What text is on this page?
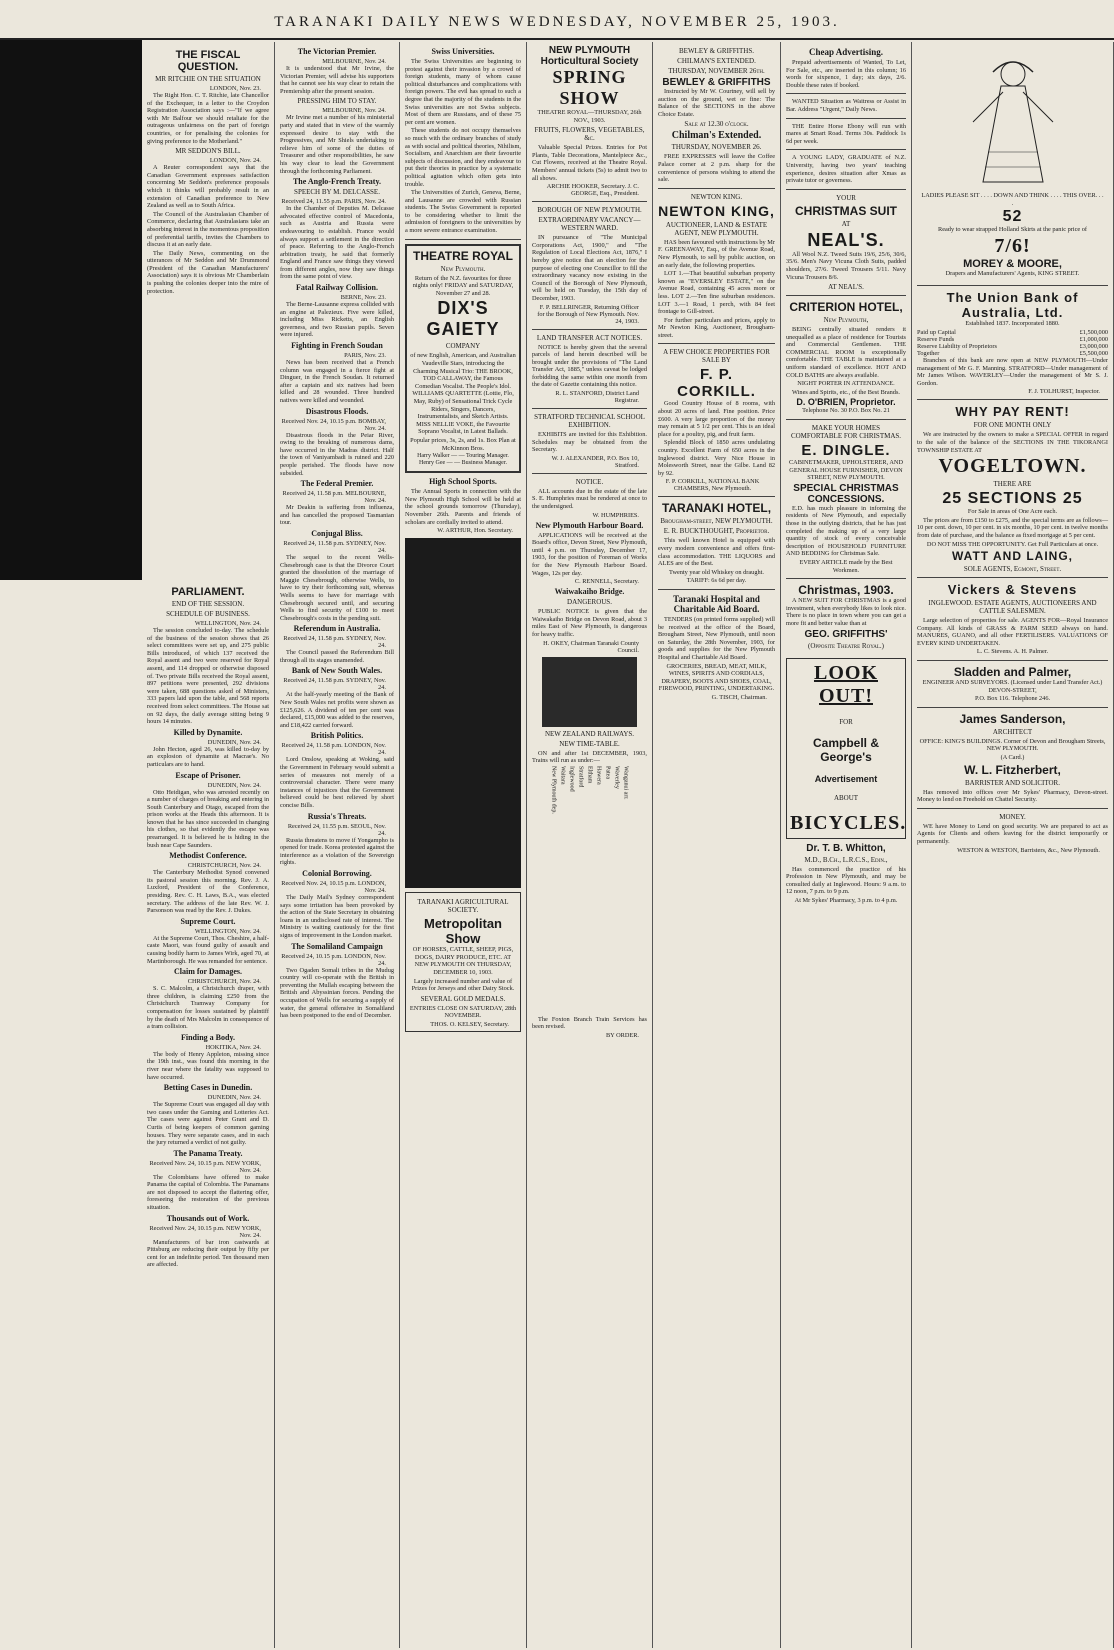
TARANAKI DAILY NEWS WEDNESDAY, NOVEMBER 25, 1903.
THE FISCAL QUESTION.
MR RITCHIE ON THE SITUATION
LONDON, Nov. 23.

The Right Hon. C. T. Ritchie, late Chancellor of the Exchequer, in a letter to the Croydon Registration Association says :—"If we agree with Mr Balfour we should retaliate for the outrageous unfairness on the part of foreign countries, or for penalising the colonies for giving preference to the Motherland."

MR SEDDON'S BILL.
LONDON, Nov. 24.

A Reuter correspondent says that the Canadian Government expresses satisfaction concerning Mr Seddon's preference proposals which it thinks will probably result in an extension of Canadian preference to New Zealand as well as to South Africa.

The Council of the Australasian Chamber of Commerce, declaring that Australasians take an absorbing interest in the momentous proposition of preferential tariffs, invites the Chambers to discuss it at an early date.

The Daily News, commenting on the utterances of Mr Seddon and Mr Drummond (President of the Canadian Manufacturers' Association) says it is obvious Mr Chamberlain is pushing the colonies deeper into the mire of protection.

PARLIAMENT.
END OF THE SESSION.
SCHEDULE OF BUSINESS.
WELLINGTON, Nov. 24.

The session concluded to-day. The schedule of the business of the session shows that 26 select committees were set up, and 275 public Bills introduced, of which 137 received the Royal assent and two were reserved for Royal assent, and 114 dropped or otherwise disposed of. Two private Bills received the Royal assent, 897 petitions were presented, 292 divisions were taken, 688 questions asked of Ministers, 333 papers laid upon the table, and 568 reports received from select committees. The House sat on 92 days, the daily average sitting being 9 hours 14 minutes.

Killed by Dynamite.
DUNEDIN, Nov. 24.

John Hecton, aged 26, was killed to-day by an explosion of dynamite at Macrae's. No particulars are to hand.

Escape of Prisoner.
DUNEDIN, Nov. 24.

Otto Heidigan, who was arrested recently on a number of charges of breaking and entering in South Canterbury and Otago, escaped from the prison works at the Heads this afternoon. It is known that he has since succeeded in changing his clothes, so that evidently the escape was prearranged. It is believed he is hiding in the bush near Cape Saunders.

Methodist Conference.
CHRISTCHURCH, Nov. 24.

The Canterbury Methodist Synod convened its pastoral session this morning. Rev. J. A. Luxford, President of the Conference, presiding. Rev. C. H. Laws, B.A., was elected secretary. The address of the late Rev. W. J. Parsonson was read by the Rev. J. Dukes.

Supreme Court.
WELLINGTON, Nov. 24.

At the Supreme Court, Thos. Cheshire, a half-caste Maori, was found guilty of assault and causing bodily harm to James Wirk, aged 70, at Martinborough. He was remanded for sentence.

Claim for Damages.
CHRISTCHURCH, Nov. 24.

S. C. Malcolm, a Christchurch draper, with three children, is claiming £250 from the Christchurch Tramway Company for compensation for losses sustained by plaintiff by the death of Mrs Malcolm in consequence of a tram collision.

Finding a Body.
HOKITIKA, Nov. 24.

The body of Henry Appleton, missing since the 19th inst., was found this morning in the river near where the fatality was supposed to have occurred.

Betting Cases in Dunedin.
DUNEDIN, Nov. 24.

The Supreme Court was engaged all day with two cases under the Gaming and Lotteries Act. The cases were against Peter Grant and D. Curtis of being keepers of common gaming houses. They were separate cases, and in each the jury returned a verdict of not guilty.

The Panama Treaty.
Received Nov. 24, 10.15 p.m. NEW YORK, Nov. 24.

The Colombians have offered to make Panama the capital of Colombia. The Panamans are not disposed to accept the flattering offer, foreseeing the restoration of the previous situation.

Thousands out of Work.
Received Nov. 24, 10.15 p.m. NEW YORK, Nov. 24.

Manufacturers of bar iron castwards at Pittsburg are reducing their output by fifty per cent for an indefinite period. Ten thousand men are affected.

The Victorian Premier.
MELBOURNE, Nov. 24.

It is understood that Mr Irvine, the Victorian Premier, will advise his supporters that he cannot see his way clear to retain the Premiership after the present session.

PRESSING HIM TO STAY.
MELBOURNE, Nov. 24.

Mr Irvine met a number of his ministerial party and stated that in view of the warmly expressed desire to stay with the Progressives, and Mr Shiels undertaking to relieve him of some of the duties of Treasurer and other responsibilities, he saw his way clear to lead the Government through the forthcoming Parliament.

The Anglo-French Treaty.
SPEECH BY M. DELCASSE.
Received 24, 11.55 p.m. PARIS, Nov. 24.

In the Chamber of Deputies M. Delcasse advocated effective control of Macedonia, such as Austria and Russia were endeavouring to establish. France would always support a settlement in the direction of peace. Referring to the Anglo-French arbitration treaty, he said that formerly England and France saw things they viewed from different angles, now they saw things from the same point of view.

Fatal Railway Collision.
BERNE, Nov. 23.

The Berne-Lausanne express collided with an engine at Palezieux. Five were killed, including Miss Ricketts, an English governess, and two Russian pupils. Seven were injured.

Fighting in French Soudan
PARIS, Nov. 23.

News has been received that a French column was engaged in a fierce fight at Dinguer, in the French Soudan. It returned after a captain and six natives had been killed and 28 wounded. Three hundred natives were killed and wounded.

Disastrous Floods.
Received Nov. 24, 10.15 p.m. BOMBAY, Nov. 24.

Disastrous floods in the Peiar River, owing to the breaking of numerous dams, have occurred in the Madras district. Half the town of Vaniyambadi is ruined and 220 people perished. The floods have now subsided.

The Federal Premier.
Received 24, 11.58 p.m. MELBOURNE, Nov. 24.

Mr Deakin is suffering from influenza, and has cancelled the proposed Tasmanian tour.

Conjugal Bliss.
Received 24, 11.58 p.m. SYDNEY, Nov. 24.

The sequel to the recent Wells-Chesebrough case is that the Divorce Court granted the dissolution of the marriage of Maggie Chesebrough, otherwise Wells, to have to try their forthcoming suit, whereas Wells seems to have for marriage with Chesebrough secured until, and securing Wells to find security of £100 to meet Chesebrough's costs in the pending suit.

Referendum in Australia.
Received 24, 11.58 p.m. SYDNEY, Nov. 24.

The Council passed the Referendum Bill through all its stages unamended.

Bank of New South Wales.
Received 24, 11.58 p.m. SYDNEY, Nov. 24.

At the half-yearly meeting of the Bank of New South Wales net profits were shown as £125,626. A dividend of ten per cent was declared, £15,000 was added to the reserves, and £18,422 carried forward.

British Politics.
Received 24, 11.58 p.m. LONDON, Nov. 24.

Lord Onslow, speaking at Woking, said the Government in February would submit a series of measures not merely of a controversial character. There were many instances of injustices that the Government believed could be best relieved by short concise Bills.

Russia's Threats.
Received 24, 11.55 p.m. SEOUL, Nov. 24.

Russia threatens to move if Yongampho is opened for trade. Korea protested against the interference as a violation of the Sovereign rights.

Colonial Borrowing.
Received Nov. 24, 10.15 p.m. LONDON, Nov. 24.

The Daily Mail's Sydney correspondent says some irritation has been provoked by the action of the State Secretary in obtaining loans in an undisclosed rate of interest. The Ministry is waiting cautiously for the first signs of improvement in the London market.

The Somaliland Campaign
Received 24, 10.15 p.m. LONDON, Nov. 24.

Two Ogaden Somali tribes in the Mudug country will co-operate with the British in preventing the Mullah escaping between the British and Abyssinian forces. Pending the occupation of Wells for securing a supply of water, the general offensive in Somaliland has been postponed to the end of December.

Swiss Universities.

The Swiss Universities are beginning to protest against their invasion by a crowd of foreign students, many of whom cause political disturbances and complications with foreign powers. The evil has spread to such a degree that the majority of the students in the Swiss universities are not Swiss subjects. Most of them are Russians, and of these 75 per cent are women.

These students do not occupy themselves so much with the ordinary branches of study as with social and political theories, Nihilism, Socialism, and Anarchism are their favourite subjects of discussion, and they endeavour to put their theories in practice by a systematic political agitation which often gets into trouble.

The Universities of Zurich, Geneva, Berne, and Lausanne are crowded with Russian students. The Swiss Government is reported to be considering whether to limit the admission of foreigners to the universities by a more severe entrance examination.

THEATRE ROYAL
New Plymouth.

Return of the N.Z. favourites for three nights only! FRIDAY and SATURDAY, November 27 and 28.

DIX'S GAIETY
COMPANY

of new English, American, and Australian Vaudeville Stars, introducing the Charming Musical Trio: THE BROOK, TOD CALLAWAY, the Famous Comedian Vocalist. The People's Idol. WILLIAMS QUARTETTE (Lottie, Flo, May, Ruby) of Sensational Trick Cycle Riders, Singers, Dancers, Instrumentalists, and Sketch Artists. MISS NELLIE VOKE, the Favourite Soprano Vocalist, in Latest Ballads.

Popular prices, 3s, 2s, and 1s. Box Plan at McKinnon Bros.

Harry Walker — — Touring Manager. Henry Gee — — Business Manager.

High School Sports.

The Annual Sports in connection with the New Plymouth High School will be held at the school grounds tomorrow (Thursday), November 26th. Parents and friends of scholars are cordially invited to attend.

W. ARTHUR, Hon. Secretary.
TARANAKI AGRICULTURAL SOCIETY.
Metropolitan Show

OF HORSES, CATTLE, SHEEP, PIGS, DOGS, DAIRY PRODUCE, ETC. AT NEW PLYMOUTH ON THURSDAY, DECEMBER 10, 1903.

Largely increased number and value of Prizes for Jerseys and other Dairy Stock.

SEVERAL GOLD MEDALS.

ENTRIES CLOSE ON SATURDAY, 28th NOVEMBER.

THOS. O. KELSEY, Secretary.
NEW PLYMOUTH Horticultural Society
SPRING SHOW

THEATRE ROYAL—THURSDAY, 26th NOV., 1903.

FRUITS, FLOWERS, VEGETABLES, &c.

Valuable Special Prizes. Entries for Pot Plants, Table Decorations, Mantelpiece &c., Cut Flowers, received at the Theatre Royal. Members' annual tickets (5s) to admit two to all shows.

ARCHIE HOOKER, Secretary. J. C. GEORGE, Esq., President.
BOROUGH OF NEW PLYMOUTH.
EXTRAORDINARY VACANCY—WESTERN WARD.

IN pursuance of "The Municipal Corporations Act, 1900," and "The Regulation of Local Elections Act, 1876," I hereby give notice that an election for the purpose of electing one Councillor to fill the extraordinary vacancy now existing in the Council of the Borough of New Plymouth, will be held on Tuesday, the 15th day of December, 1903.

F. P. BELLRINGER, Returning Officer for the Borough of New Plymouth. Nov. 24, 1903.
LAND TRANSFER ACT NOTICES.

NOTICE is hereby given that the several parcels of land herein described will be brought under the provisions of "The Land Transfer Act, 1885," unless caveat be lodged forbidding the same within one month from the date of Gazette containing this notice.

R. L. STANFORD, District Land Registrar.
STRATFORD TECHNICAL SCHOOL EXHIBITION.

EXHIBITS are invited for this Exhibition. Schedules may be obtained from the Secretary.

W. J. ALEXANDER, P.O. Box 10, Stratford.
NOTICE.

ALL accounts due in the estate of the late S. E. Humphries must be rendered at once to the undersigned.

W. HUMPHRIES.
New Plymouth Harbour Board.

APPLICATIONS will be received at the Board's office, Devon Street, New Plymouth, until 4 p.m. on Thursday, December 17, 1903, for the position of Foreman of Works for the New Plymouth Harbour Board. Wages, 12s per day.

C. RENNELL, Secretary.
Waiwakaiho Bridge.
DANGEROUS.

PUBLIC NOTICE is given that the Waiwakaiho Bridge on Devon Road, about 3 miles East of New Plymouth, is dangerous for heavy traffic.

H. OKEY, Chairman Taranaki County Council.
NEW ZEALAND RAILWAYS.
NEW TIME-TABLE.

ON and after 1st DECEMBER, 1903, Trains will run as under:—

New Plymouth dep. Waitara Inglewood Stratford Eltham Hawera Patea Waverley Wanganui arr.

The Foxton Branch Train Services has been revised.

BY ORDER.
BEWLEY & GRIFFITHS.
CHILMAN'S EXTENDED.
THURSDAY, NOVEMBER 26th.
BEWLEY & GRIFFITHS

Instructed by Mr W. Courtney, will sell by auction on the ground, wet or fine: The Balance of the SECTIONS in the above Choice Estate.

Sale at 12.30 o'clock.
Chilman's Extended.
THURSDAY, NOVEMBER 26.

FREE EXPRESSES will leave the Coffee Palace corner at 2 p.m. sharp for the convenience of persons wishing to attend the sale.

NEWTON KING.
NEWTON KING,
AUCTIONEER, LAND & ESTATE AGENT, NEW PLYMOUTH.

HAS been favoured with instructions by Mr F. GREENAWAY, Esq., of the Avenue Road, New Plymouth, to sell by public auction, on an early date, the following properties.

LOT 1.—That beautiful suburban property known as "EVERSLEY ESTATE," on the Avenue Road, containing 45 acres more or less. LOT 2.—Ten fine suburban residences. LOT 3.—1 Road, 1 perch, with 84 feet frontage to Gill-street.

For further particulars and prices, apply to Mr Newton King, Auctioneer, Brougham-street.

A FEW CHOICE PROPERTIES FOR SALE BY
F. P. CORKILL.

Good Country House of 8 rooms, with about 20 acres of land. Fine position. Price £600. A very large proportion of the money may remain at 5 1/2 per cent. This is an ideal place for a poultry, pig, and fruit farm.

Splendid Block of 1850 acres undulating country. Excellent Farm of 650 acres in the Inglewood district. Very Nice House in Molesworth Street, near the Gilbe. Land 82 by 92.

F. P. CORKILL, NATIONAL BANK CHAMBERS, New Plymouth.
TARANAKI HOTEL,
Brougham-street, NEW PLYMOUTH.
E. R. BUCKTHOUGHT, Proprietor.

This well known Hotel is equipped with every modern convenience and offers first-class accommodation. THE LIQUORS and ALES are of the Best.

Twenty year old Whiskey on draught.

TARIFF: 6s 6d per day.

Taranaki Hospital and Charitable Aid Board.

TENDERS (on printed forms supplied) will be received at the office of the Board, Brougham Street, New Plymouth, until noon on Saturday, the 28th November, 1903, for goods and supplies for the New Plymouth Hospital and Charitable Aid Board.

GROCERIES, BREAD, MEAT, MILK, WINES, SPIRITS AND CORDIALS, DRAPERY, BOOTS AND SHOES, COAL, FIREWOOD, PRINTING, UNDERTAKING.

G. TISCH, Chairman.
Cheap Advertising.

Prepaid advertisements of Wanted, To Let, For Sale, etc., are inserted in this column; 16 words for sixpence, 1 day; six days, 2/6. Double these rates if booked.

WANTED Situation as Waitress or Assist in Bar. Address "Urgent," Daily News.

THE Entire Horse Ebony will run with mares at Smart Road. Terms 30s. Paddock 1s 6d per week.

A YOUNG LADY, GRADUATE of N.Z. University, having two years' teaching experience, desires situation after Xmas as private tutor or governess.

YOUR
CHRISTMAS SUIT
AT
NEAL'S.

All Wool N.Z. Tweed Suits 19/6, 25/6, 30/6, 35/6. Men's Navy Vicuna Cloth Suits, padded shoulders, 27/6. Tweed Trousers 5/11. Navy Vicuna Trousers 8/6.

AT NEAL'S.
CRITERION HOTEL,
New Plymouth,

BEING centrally situated renders it unequalled as a place of residence for Tourists and Commercial Gentlemen. THE COMMERCIAL ROOM is exceptionally comfortable. THE TABLE is maintained at a uniform standard of excellence. HOT AND COLD BATHS are always available.

NIGHT PORTER IN ATTENDANCE.

Wines and Spirits, etc., of the Best Brands.

D. O'BRIEN, Proprietor.

Telephone No. 30 P.O. Box No. 21

MAKE YOUR HOMES COMFORTABLE FOR CHRISTMAS.
E. DINGLE.

CABINETMAKER, UPHOLSTERER, AND GENERAL HOUSE FURNISHER, DEVON STREET, NEW PLYMOUTH.

SPECIAL CHRISTMAS CONCESSIONS.

E.D. has much pleasure in informing the residents of New Plymouth, and especially those in the outlying districts, that he has just completed the making up of a very large quantity of stock of every conceivable description of HOUSEHOLD FURNITURE AND BEDDING for Christmas Sale.

EVERY ARTICLE made by the Best Workmen.

Christmas, 1903.

A NEW SUIT FOR CHRISTMAS is a good investment, when everybody likes to look nice. There is no place in town where you can get a more fit and better value than at

GEO. GRIFFITHS'
(Opposite Theatre Royal.)
LOOK OUT!
FOR
Campbell & George's
Advertisement
ABOUT
BICYCLES.
Dr. T. B. Whitton,
M.D., B.Ch., L.R.C.S., Edin.,

Has commenced the practice of his Profession in New Plymouth, and may be consulted daily at Inglewood. Hours: 9 a.m. to 12 noon, 7 p.m. to 9 p.m.

At Mr Sykes' Pharmacy, 3 p.m. to 4 p.m.

LADIES PLEASE SIT . . . . DOWN AND THINK . . . . THIS OVER. . . .

52

Ready to wear strapped Holland Skirts at the panic price of

7/6!
MOREY & MOORE,

Drapers and Manufacturers' Agents, KING STREET.

The Union Bank of Australia, Ltd.

Established 1837. Incorporated 1880.

Paid up Capital	£1,500,000
Reserve Funds	£1,000,000
Reserve Liability of Proprietors	£3,000,000
Together	£5,500,000

Branches of this bank are now open at NEW PLYMOUTH—Under management of Mr G. F. Manning. STRATFORD—Under management of Mr James Wilson. WAVERLEY—Under the management of Mr S. J. Gordon.

F. J. TOLHURST, Inspector.
WHY PAY RENT!
FOR ONE MONTH ONLY

We are instructed by the owners to make a SPECIAL OFFER in regard to the sale of the balance of the SECTIONS IN THE TIKORANGI TOWNSHIP ESTATE AT

VOGELTOWN.
THERE ARE
25 SECTIONS 25

For Sale in areas of One Acre each.

The prices are from £150 to £275, and the special terms are as follows—10 per cent. down, 10 per cent. in six months, 10 per cent. in twelve months from date of purchase, and the balance as fixed mortgage at 5 per cent.

DO NOT MISS THE OPPORTUNITY. Get Full Particulars at once.

WATT AND LAING,
SOLE AGENTS, Egmont, Street.
Vickers & Stevens
INGLEWOOD. ESTATE AGENTS, AUCTIONEERS AND CATTLE SALESMEN.

Large selection of properties for sale. AGENTS FOR—Royal Insurance Company. All kinds of GRASS & FARM SEED always on hand. MANURES, GUANO, and all other FERTILISERS. VALUATIONS OF EVERY KIND UNDERTAKEN.

L. C. Stevens. A. H. Palmer.

Sladden and Palmer,

ENGINEER AND SURVEYORS. (Licensed under Land Transfer Act.) DEVON-STREET,

P.O. Box 116. Telephone 246.

James Sanderson,
ARCHITECT

OFFICE: KING'S BUILDINGS. Corner of Devon and Brougham Streets, NEW PLYMOUTH.

(A Card.)

W. L. Fitzherbert,
BARRISTER AND SOLICITOR.

Has removed into offices over Mr Sykes' Pharmacy, Devon-street. Money to lend on Freehold on Chattel Security.

MONEY.

WE have Money to Lend on good security. We are prepared to act as Agents for Clients and others leaving for the district temporarily or permanently.

WESTON & WESTON, Barristers, &c., New Plymouth.
